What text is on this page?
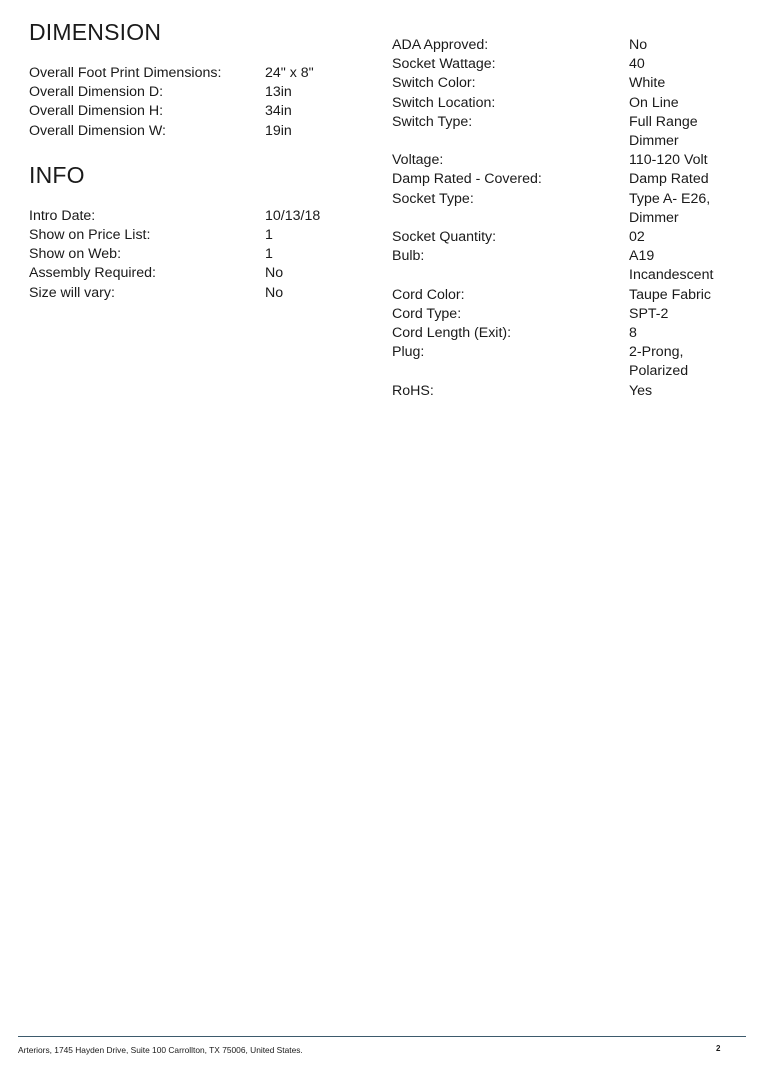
DIMENSION
Overall Foot Print Dimensions:	24" x 8"
Overall Dimension D:	13in
Overall Dimension H:	34in
Overall Dimension W:	19in
INFO
Intro Date:	10/13/18
Show on Price List:	1
Show on Web:	1
Assembly Required:	No
Size will vary:	No
ADA Approved:	No
Socket Wattage:	40
Switch Color:	White
Switch Location:	On Line
Switch Type:	Full Range Dimmer
Voltage:	110-120 Volt
Damp Rated - Covered:	Damp Rated
Socket Type:	Type A- E26, Dimmer
Socket Quantity:	02
Bulb:	A19 Incandescent
Cord Color:	Taupe Fabric
Cord Type:	SPT-2
Cord Length (Exit):	8
Plug:	2-Prong, Polarized
RoHS:	Yes
Arteriors, 1745 Hayden Drive, Suite 100 Carrollton, TX 75006, United States.	2
